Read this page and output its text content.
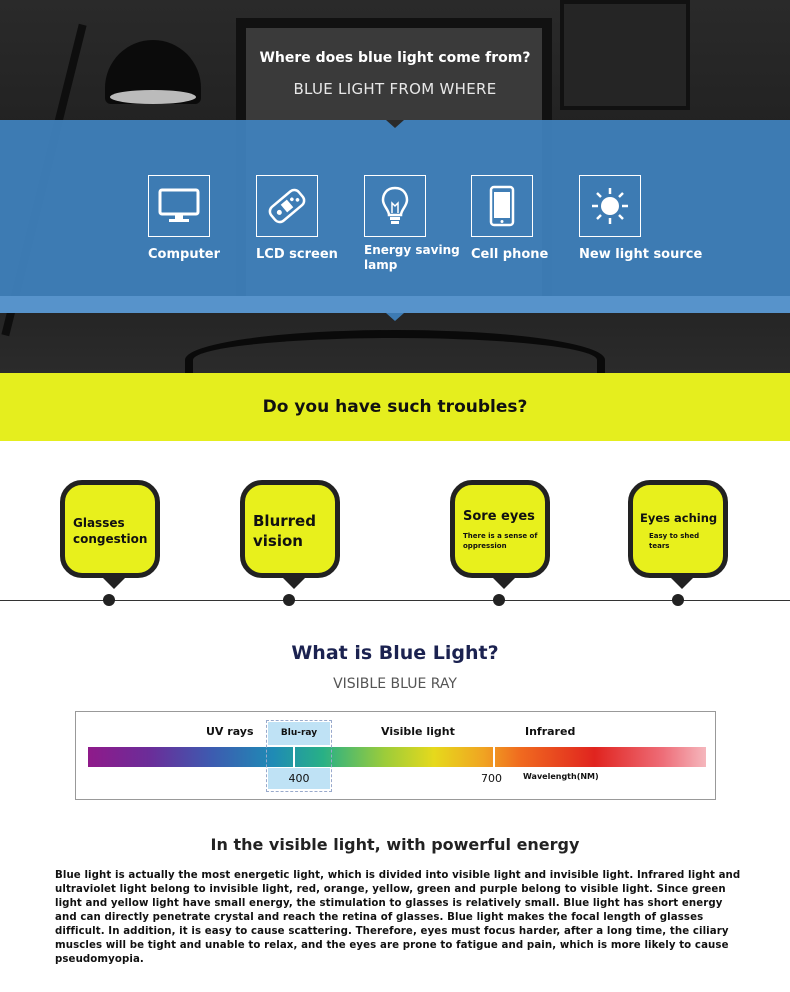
Where does blue light come from?
BLUE LIGHT FROM WHERE
Computer	LCD screen Energy saving lamp
Cell phone New light source
Do you have such troubles?
Glasses congestion
Blurred vision
Sore eyes
There is a sense of oppression
Eyes aching
Easy to shed tears
What is Blue Light?
VISIBLE BLUE RAY
Blu-ray
UV rays	Visible light	Infrared
400	700	Wavelength(NM)
In the visible light, with powerful energy
Blue light is actually the most energetic light, which is divided into visible light and invisible light. Infrared light and ultraviolet light belong to invisible light, red, orange, yellow, green and purple belong to visible light. Since green light and yellow light have small energy, the stimulation to glasses is relatively small. Blue light has short energy and can directly penetrate crystal and reach the retina of glasses. Blue light makes the focal length of glasses difficult. In addition, it is easy to cause scattering. Therefore, eyes must focus harder, after a long time, the ciliary muscles will be tight and unable to relax, and the eyes are prone to fatigue and pain, which is more likely to cause pseudomyopia.
